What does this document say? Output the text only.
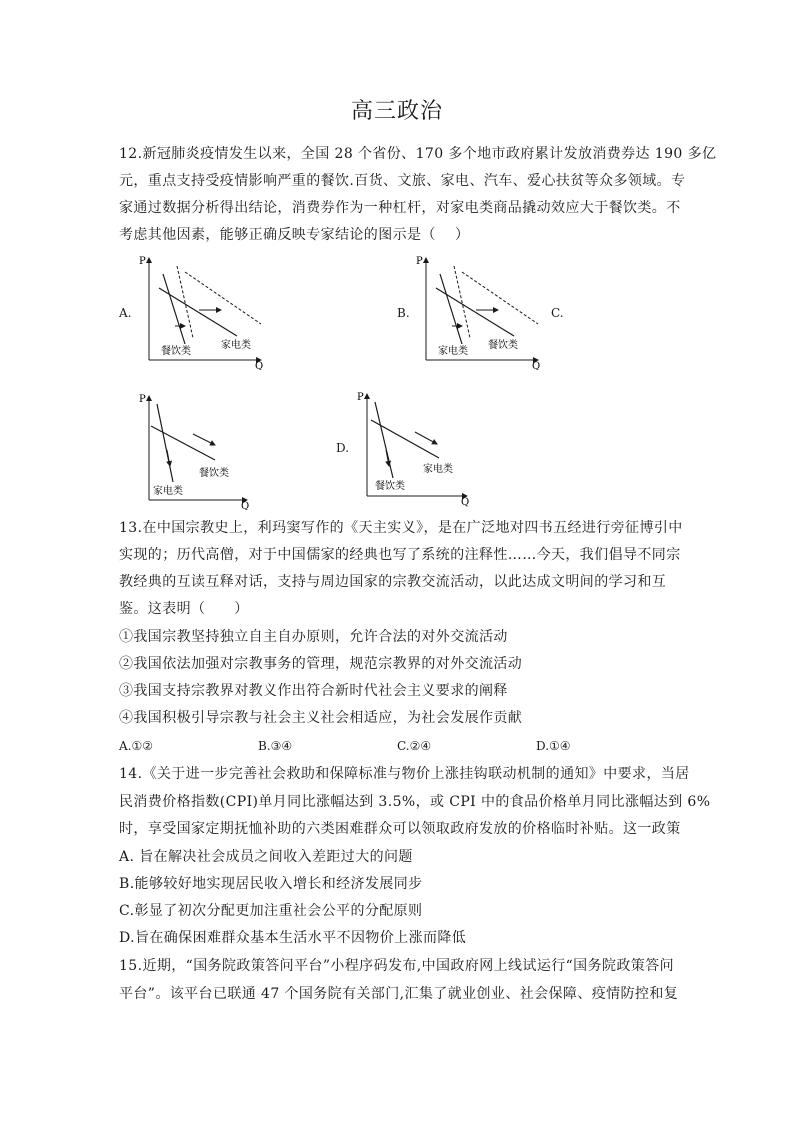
高三政治
12.新冠肺炎疫情发生以来，全国 28 个省份、170 多个地市政府累计发放消费券达 190 多亿
元，重点支持受疫情影响严重的餐饮.百货、文旅、家电、汽车、爱心扶贫等众多领域。专
家通过数据分析得出结论，消费券作为一种杠杆，对家电类商品撬动效应大于餐饮类。不
考虑其他因素，能够正确反映专家结论的图示是（　 ）
A.	B.	C.
D.
P
Q
餐饮类
家电类
P
Q
家电类
餐饮类
P
Q
家电类
餐饮类
P
Q
餐饮类
家电类
13.在中国宗教史上，利玛窦写作的《天主实义》，是在广泛地对四书五经进行旁征博引中
实现的；历代高僧，对于中国儒家的经典也写了系统的注释性……今天，我们倡导不同宗
教经典的互读互释对话，支持与周边国家的宗教交流活动，以此达成文明间的学习和互
鉴。这表明（　　）
①我国宗教坚持独立自主自办原则，允许合法的对外交流活动
②我国依法加强对宗教事务的管理，规范宗教界的对外交流活动
③我国支持宗教界对教义作出符合新时代社会主义要求的阐释
④我国积极引导宗教与社会主义社会相适应，为社会发展作贡献
A.①②	B.③④	C.②④	D.①④
14.《关于进一步完善社会救助和保障标准与物价上涨挂钩联动机制的通知》中要求，当居
民消费价格指数(CPI)单月同比涨幅达到 3.5%，或 CPI 中的食品价格单月同比涨幅达到 6%
时，享受国家定期抚恤补助的六类困难群众可以领取政府发放的价格临时补贴。这一政策
A. 旨在解决社会成员之间收入差距过大的问题
B.能够较好地实现居民收入增长和经济发展同步
C.彰显了初次分配更加注重社会公平的分配原则
D.旨在确保困难群众基本生活水平不因物价上涨而降低
15.近期，“国务院政策答问平台”小程序码发布,中国政府网上线试运行“国务院政策答问
平台”。该平台已联通 47 个国务院有关部门,汇集了就业创业、社会保障、疫情防控和复
